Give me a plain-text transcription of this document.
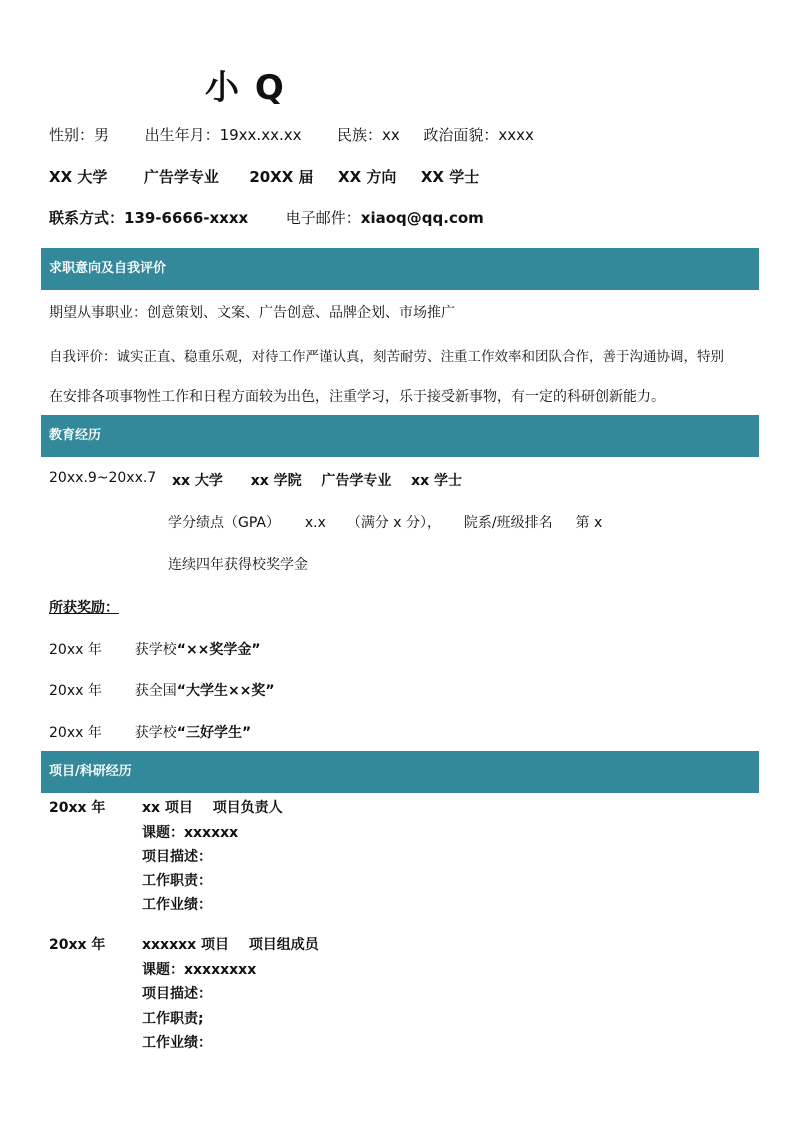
小 Q
性别：男 出生年月：19xx.xx.xx 民族：xx 政治面貌：xxxx
XX 大学 广告学专业 20XX 届 XX 方向 XX 学士
联系方式：139-6666-xxxx	电子邮件：xiaoq@qq.com
求职意向及自我评价
期望从事职业：创意策划、文案、广告创意、品牌企划、市场推广
自我评价：诚实正直、稳重乐观，对待工作严谨认真，刻苦耐劳、注重工作效率和团队合作，善于沟通协调，特别
在安排各项事物性工作和日程方面较为出色，注重学习，乐于接受新事物，有一定的科研创新能力。
教育经历
20xx.9~20xx.7 xx 大学 xx 学院 广告学专业 xx 学士
学分绩点（GPA） x.x （满分 x 分）， 院系/班级排名 第 x
连续四年获得校奖学金
所获奖励：
20xx 年 获学校“××奖学金”
20xx 年 获全国“大学生××奖”
20xx 年 获学校“三好学生”
项目/科研经历
20xx 年	xx 项目 项目负责人
课题：xxxxxx
项目描述：
工作职责：
工作业绩：
20xx 年	xxxxxx 项目 项目组成员
课题：xxxxxxxx
项目描述：
工作职责;
工作业绩：
